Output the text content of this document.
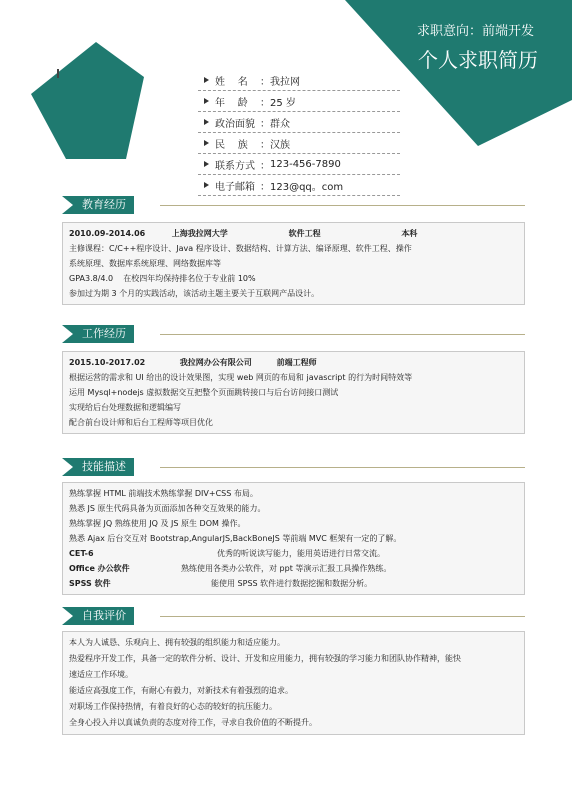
求职意向：前端开发
个人求职简历
姓    名	： 我拉网
年    龄	： 25 岁
政治面貌 ： 群众
民    族	： 汉族
联系方式 ： 123-456-7890
电子邮箱 ： 123@qq。com
教育经历
2010.09-2014.06	上海我拉网大学	软件工程	本科
主修课程：C/C++程序设计、Java 程序设计、数据结构、计算方法、编译原理、软件工程、操作
系统原理、数据库系统原理、网络数据库等
GPA3.8/4.0    在校四年均保持排名位于专业前 10%
参加过为期 3 个月的实践活动，该活动主题主要关于互联网产品设计。
工作经历
2015.10-2017.02	我拉网办公有限公司	前端工程师
根据运营的需求和 UI 给出的设计效果图，实现 web 网页的布局和 javascript 的行为时间特效等
运用 Mysql+nodejs 虚拟数据交互把整个页面跳转接口与后台访问接口测试
实现给后台处理数据和逻辑编写
配合前台设计师和后台工程师等项目优化
技能描述
熟练掌握 HTML 前端技术熟练掌握 DIV+CSS 布局。
熟悉 JS 原生代码具备为页面添加各种交互效果的能力。
熟练掌握 JQ 熟练使用 JQ 及 JS 原生 DOM 操作。
熟悉 Ajax 后台交互对 Bootstrap,AngularJS,BackBoneJS 等前端 MVC 框架有一定的了解。
CET-6	优秀的听说读写能力，能用英语进行日常交流。
Office 办公软件	熟练使用各类办公软件，对 ppt 等演示汇报工具操作熟练。
SPSS 软件	能使用 SPSS 软件进行数据挖掘和数据分析。
自我评价
本人为人诚恳、乐观向上、拥有较强的组织能力和适应能力。
热爱程序开发工作，具备一定的软件分析、设计、开发和应用能力，拥有较强的学习能力和团队协作精神，能快
速适应工作环境。
能适应高强度工作，有耐心有毅力，对新技术有着强烈的追求。
对职场工作保持热情，有着良好的心态的较好的抗压能力。
全身心投入并以真诚负责的态度对待工作，寻求自我价值的不断提升。
